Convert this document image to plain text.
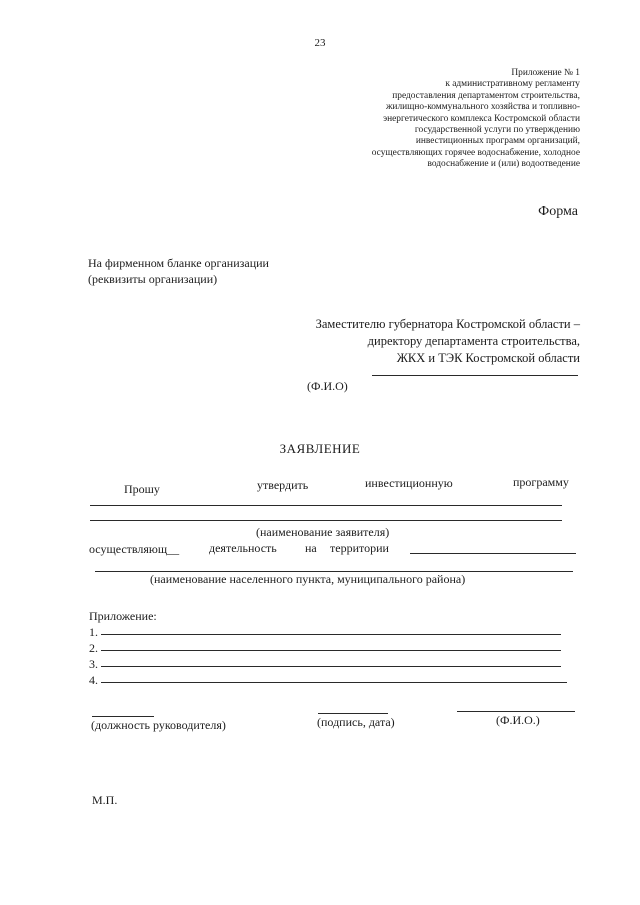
23
Приложение № 1
к административному регламенту
предоставления департаментом строительства,
жилищно-коммунального хозяйства и топливно-
энергетического комплекса Костромской области
государственной услуги по утверждению
инвестиционных программ организаций,
осуществляющих горячее водоснабжение, холодное
водоснабжение и (или) водоотведение
Форма
На фирменном бланке организации
(реквизиты организации)
Заместителю губернатора Костромской области –
директору департамента строительства,
ЖКХ и ТЭК Костромской области
(Ф.И.О)
ЗАЯВЛЕНИЕ
Прошу	утвердить	инвестиционную	программу
(наименование заявителя)
осуществляющ__ деятельность на территории
(наименование населенного пункта, муниципального района)
Приложение:
1.
2.
3.
4.
(должность руководителя)	(подпись, дата)	(Ф.И.О.)
М.П.
